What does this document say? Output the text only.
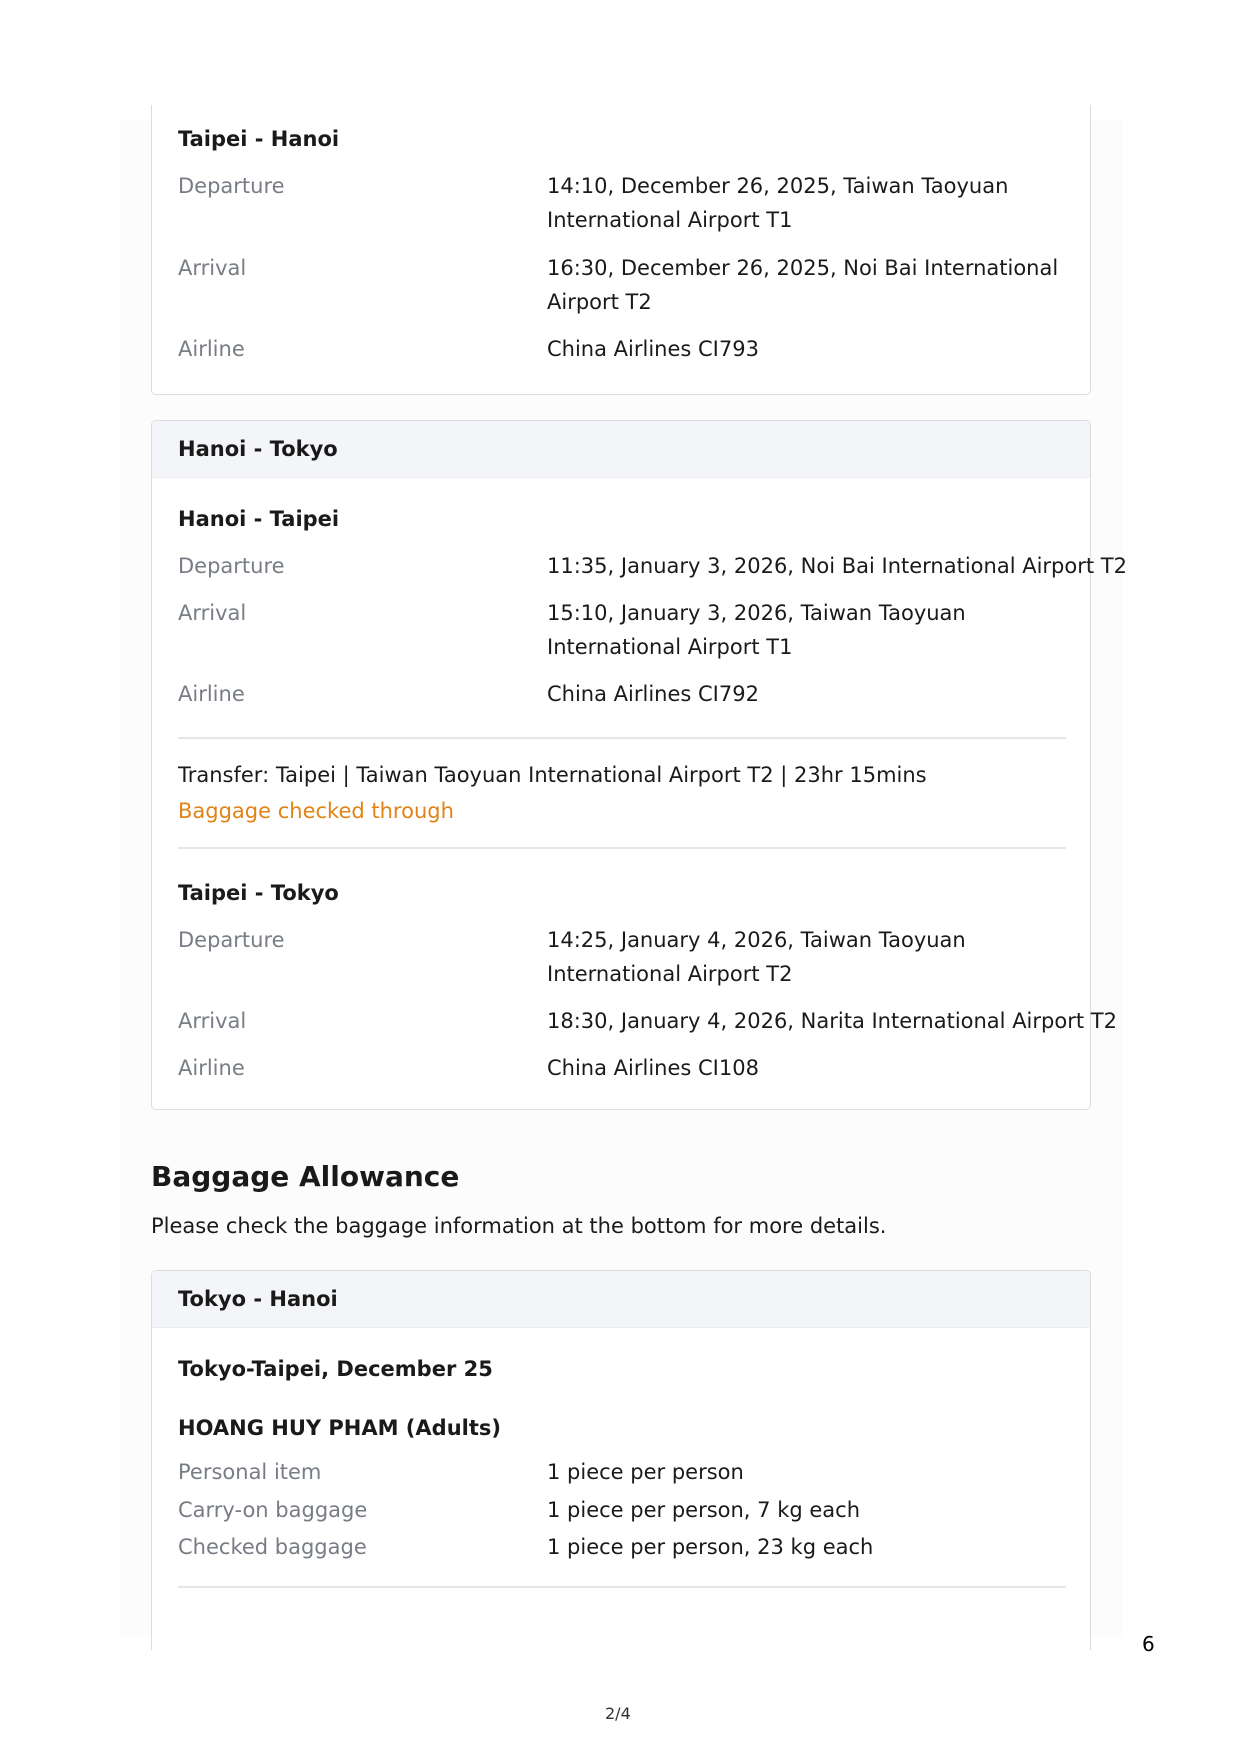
Taipei - Hanoi
Departure	14:10, December 26, 2025, Taiwan Taoyuan International Airport T1
Arrival	16:30, December 26, 2025, Noi Bai International Airport T2
Airline	China Airlines CI793
Hanoi - Tokyo
Hanoi - Taipei
Departure	11:35, January 3, 2026, Noi Bai International Airport T2
Arrival	15:10, January 3, 2026, Taiwan Taoyuan International Airport T1
Airline	China Airlines CI792
Transfer: Taipei | Taiwan Taoyuan International Airport T2 | 23hr 15mins
Baggage checked through
Taipei - Tokyo
Departure	14:25, January 4, 2026, Taiwan Taoyuan International Airport T2
Arrival	18:30, January 4, 2026, Narita International Airport T2
Airline	China Airlines CI108
Baggage Allowance
Please check the baggage information at the bottom for more details.
Tokyo - Hanoi
Tokyo-Taipei, December 25
HOANG HUY PHAM (Adults)
Personal item	1 piece per person
Carry-on baggage	1 piece per person, 7 kg each
Checked baggage	1 piece per person, 23 kg each
6
2/4
